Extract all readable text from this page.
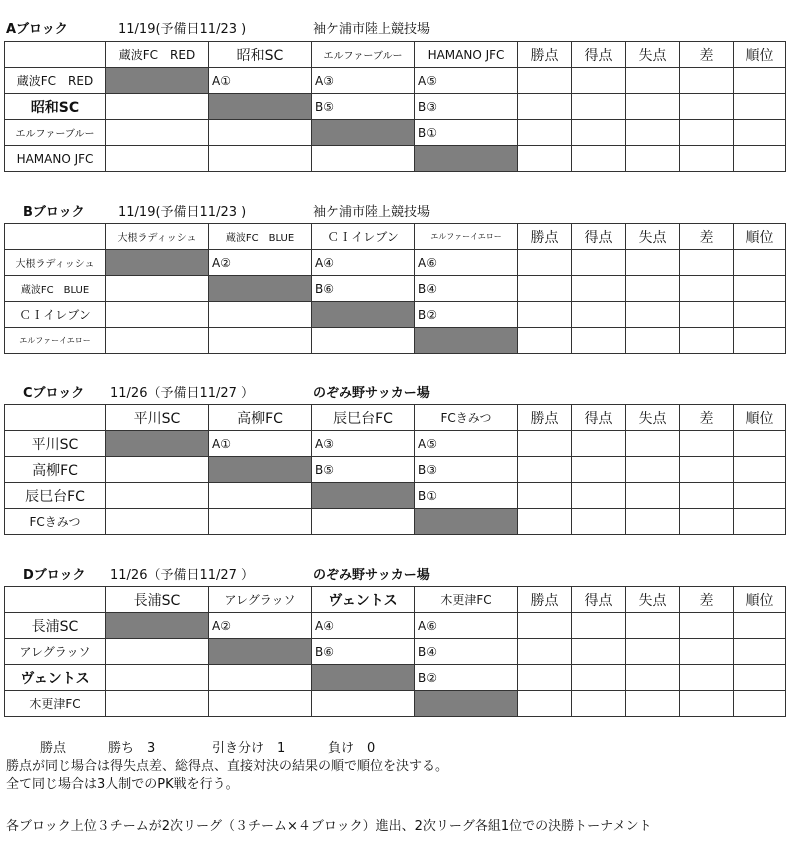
Aブロック	11/19(予備日11/23 )	袖ケ浦市陸上競技場
	蔵波FC　RED	昭和SC	エルファーブルー	HAMANO JFC	勝点	得点	失点	差	順位
蔵波FC　RED		A①	A③	A⑤					
昭和SC			B⑤	B③					
エルファーブルー				B①					
HAMANO JFC									
Bブロック	11/19(予備日11/23 )	袖ケ浦市陸上競技場
	大根ラディッシュ	蔵波FC　BLUE	ＣＩイレブン	エルファーイエロー	勝点	得点	失点	差	順位
大根ラディッシュ		A②	A④	A⑥					
蔵波FC　BLUE			B⑥	B④					
ＣＩイレブン				B②					
エルファーイエロー									
Cブロック 11/26（予備日11/27 ）	のぞみ野サッカー場
	平川SC	高柳FC	辰巳台FC	FCきみつ	勝点	得点	失点	差	順位
平川SC		A①	A③	A⑤					
高柳FC			B⑤	B③					
辰巳台FC				B①					
FCきみつ									
Dブロック 11/26（予備日11/27 ）	のぞみ野サッカー場
	長浦SC	アレグラッソ	ヴェントス	木更津FC	勝点	得点	失点	差	順位
長浦SC		A②	A④	A⑥					
アレグラッソ			B⑥	B④					
ヴェントス				B②					
木更津FC									
勝点	勝ち　3	引き分け　1	負け　0
勝点が同じ場合は得失点差、総得点、直接対決の結果の順で順位を決する。
全て同じ場合は3人制でのPK戦を行う。
各ブロック上位３チームが2次リーグ（３チーム×４ブロック）進出、2次リーグ各組1位での決勝トーナメント
